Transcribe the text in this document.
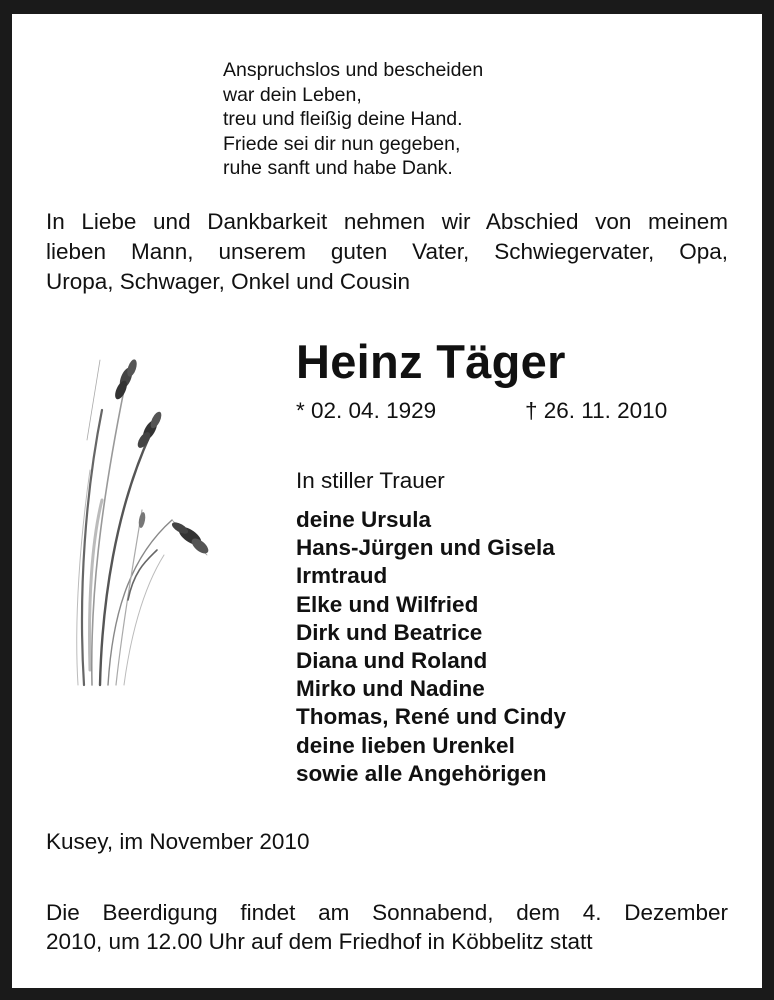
Anspruchslos und bescheiden
war dein Leben,
treu und fleißig deine Hand.
Friede sei dir nun gegeben,
ruhe sanft und habe Dank.
In Liebe und Dankbarkeit nehmen wir Abschied von meinem
lieben Mann, unserem guten Vater, Schwiegervater, Opa,
Uropa, Schwager, Onkel und Cousin
Heinz Täger
* 02. 04. 1929	† 26. 11. 2010
In stiller Trauer
deine Ursula
Hans-Jürgen und Gisela
Irmtraud
Elke und Wilfried
Dirk und Beatrice
Diana und Roland
Mirko und Nadine
Thomas, René und Cindy
deine lieben Urenkel
sowie alle Angehörigen
Kusey, im November 2010
Die Beerdigung findet am Sonnabend, dem 4. Dezember
2010, um 12.00 Uhr auf dem Friedhof in Köbbelitz statt
